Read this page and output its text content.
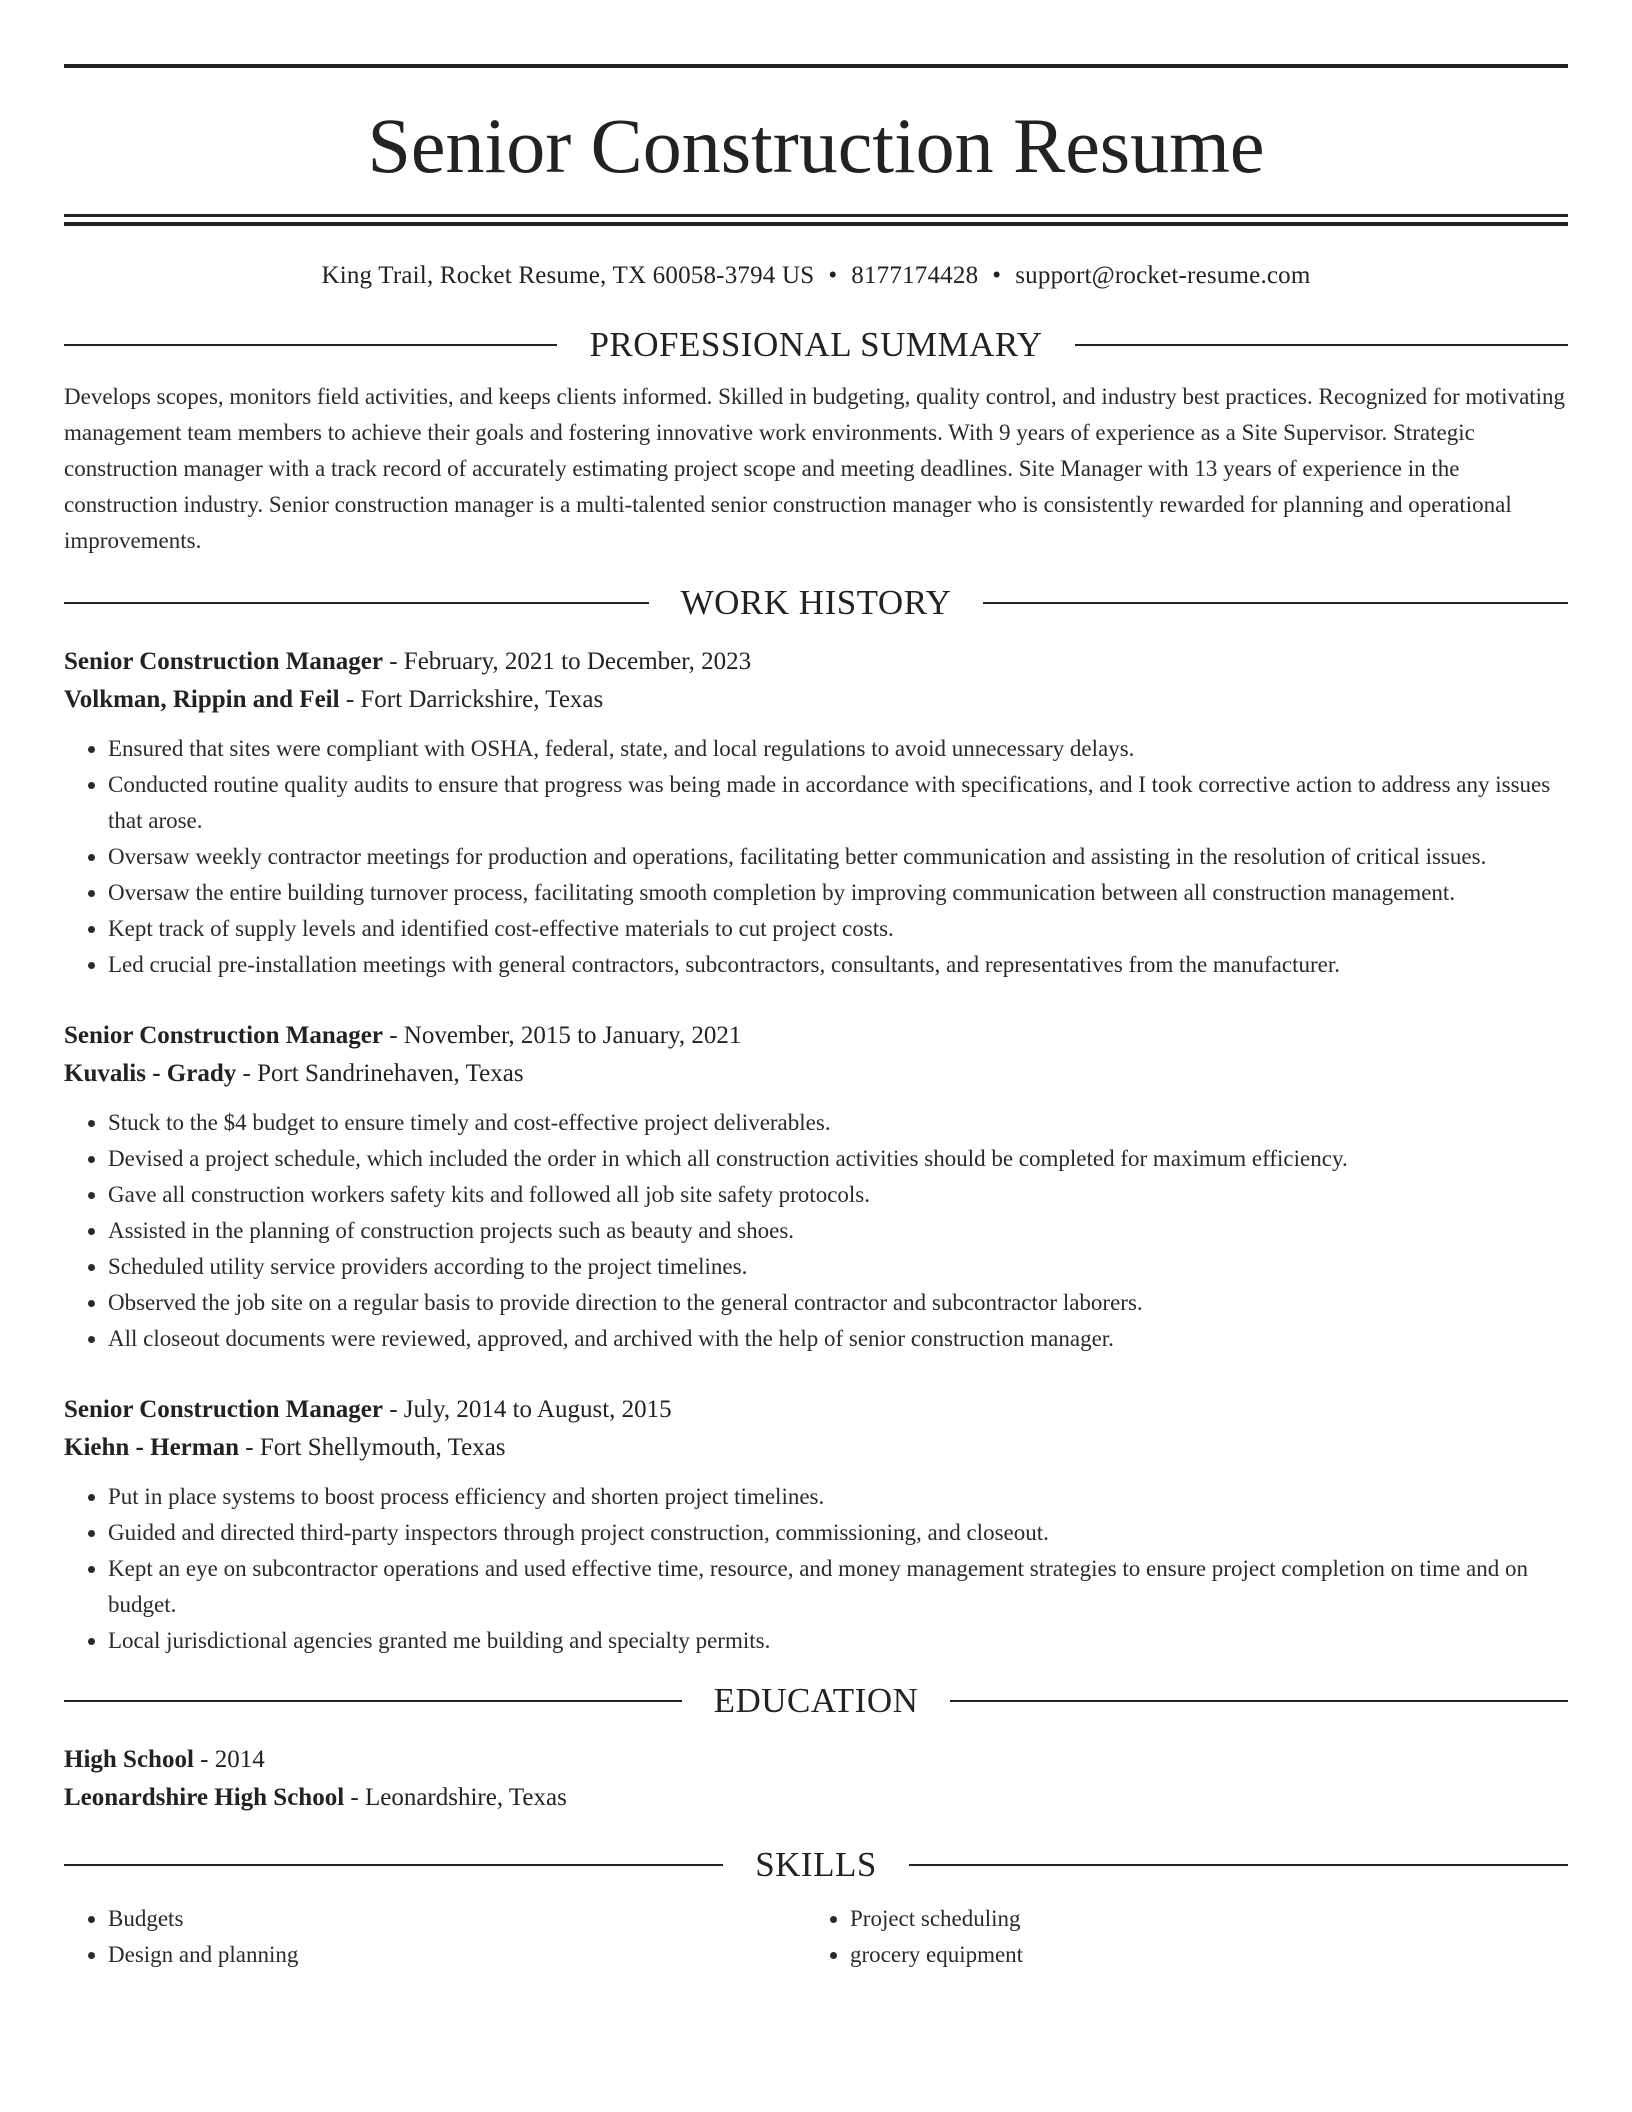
Senior Construction Resume
King Trail, Rocket Resume, TX 60058-3794 US • 8177174428 • support@rocket-resume.com
PROFESSIONAL SUMMARY
Develops scopes, monitors field activities, and keeps clients informed. Skilled in budgeting, quality control, and industry best practices. Recognized for motivating management team members to achieve their goals and fostering innovative work environments. With 9 years of experience as a Site Supervisor. Strategic construction manager with a track record of accurately estimating project scope and meeting deadlines. Site Manager with 13 years of experience in the construction industry. Senior construction manager is a multi-talented senior construction manager who is consistently rewarded for planning and operational improvements.
WORK HISTORY
Senior Construction Manager - February, 2021 to December, 2023
Volkman, Rippin and Feil - Fort Darrickshire, Texas
• Ensured that sites were compliant with OSHA, federal, state, and local regulations to avoid unnecessary delays.
• Conducted routine quality audits to ensure that progress was being made in accordance with specifications, and I took corrective action to address any issues that arose.
• Oversaw weekly contractor meetings for production and operations, facilitating better communication and assisting in the resolution of critical issues.
• Oversaw the entire building turnover process, facilitating smooth completion by improving communication between all construction management.
• Kept track of supply levels and identified cost-effective materials to cut project costs.
• Led crucial pre-installation meetings with general contractors, subcontractors, consultants, and representatives from the manufacturer.
Senior Construction Manager - November, 2015 to January, 2021
Kuvalis - Grady - Port Sandrinehaven, Texas
• Stuck to the $4 budget to ensure timely and cost-effective project deliverables.
• Devised a project schedule, which included the order in which all construction activities should be completed for maximum efficiency.
• Gave all construction workers safety kits and followed all job site safety protocols.
• Assisted in the planning of construction projects such as beauty and shoes.
• Scheduled utility service providers according to the project timelines.
• Observed the job site on a regular basis to provide direction to the general contractor and subcontractor laborers.
• All closeout documents were reviewed, approved, and archived with the help of senior construction manager.
Senior Construction Manager - July, 2014 to August, 2015
Kiehn - Herman - Fort Shellymouth, Texas
• Put in place systems to boost process efficiency and shorten project timelines.
• Guided and directed third-party inspectors through project construction, commissioning, and closeout.
• Kept an eye on subcontractor operations and used effective time, resource, and money management strategies to ensure project completion on time and on budget.
• Local jurisdictional agencies granted me building and specialty permits.
EDUCATION
High School - 2014
Leonardshire High School - Leonardshire, Texas
SKILLS
• Budgets
• Design and planning
• Project scheduling
• grocery equipment
